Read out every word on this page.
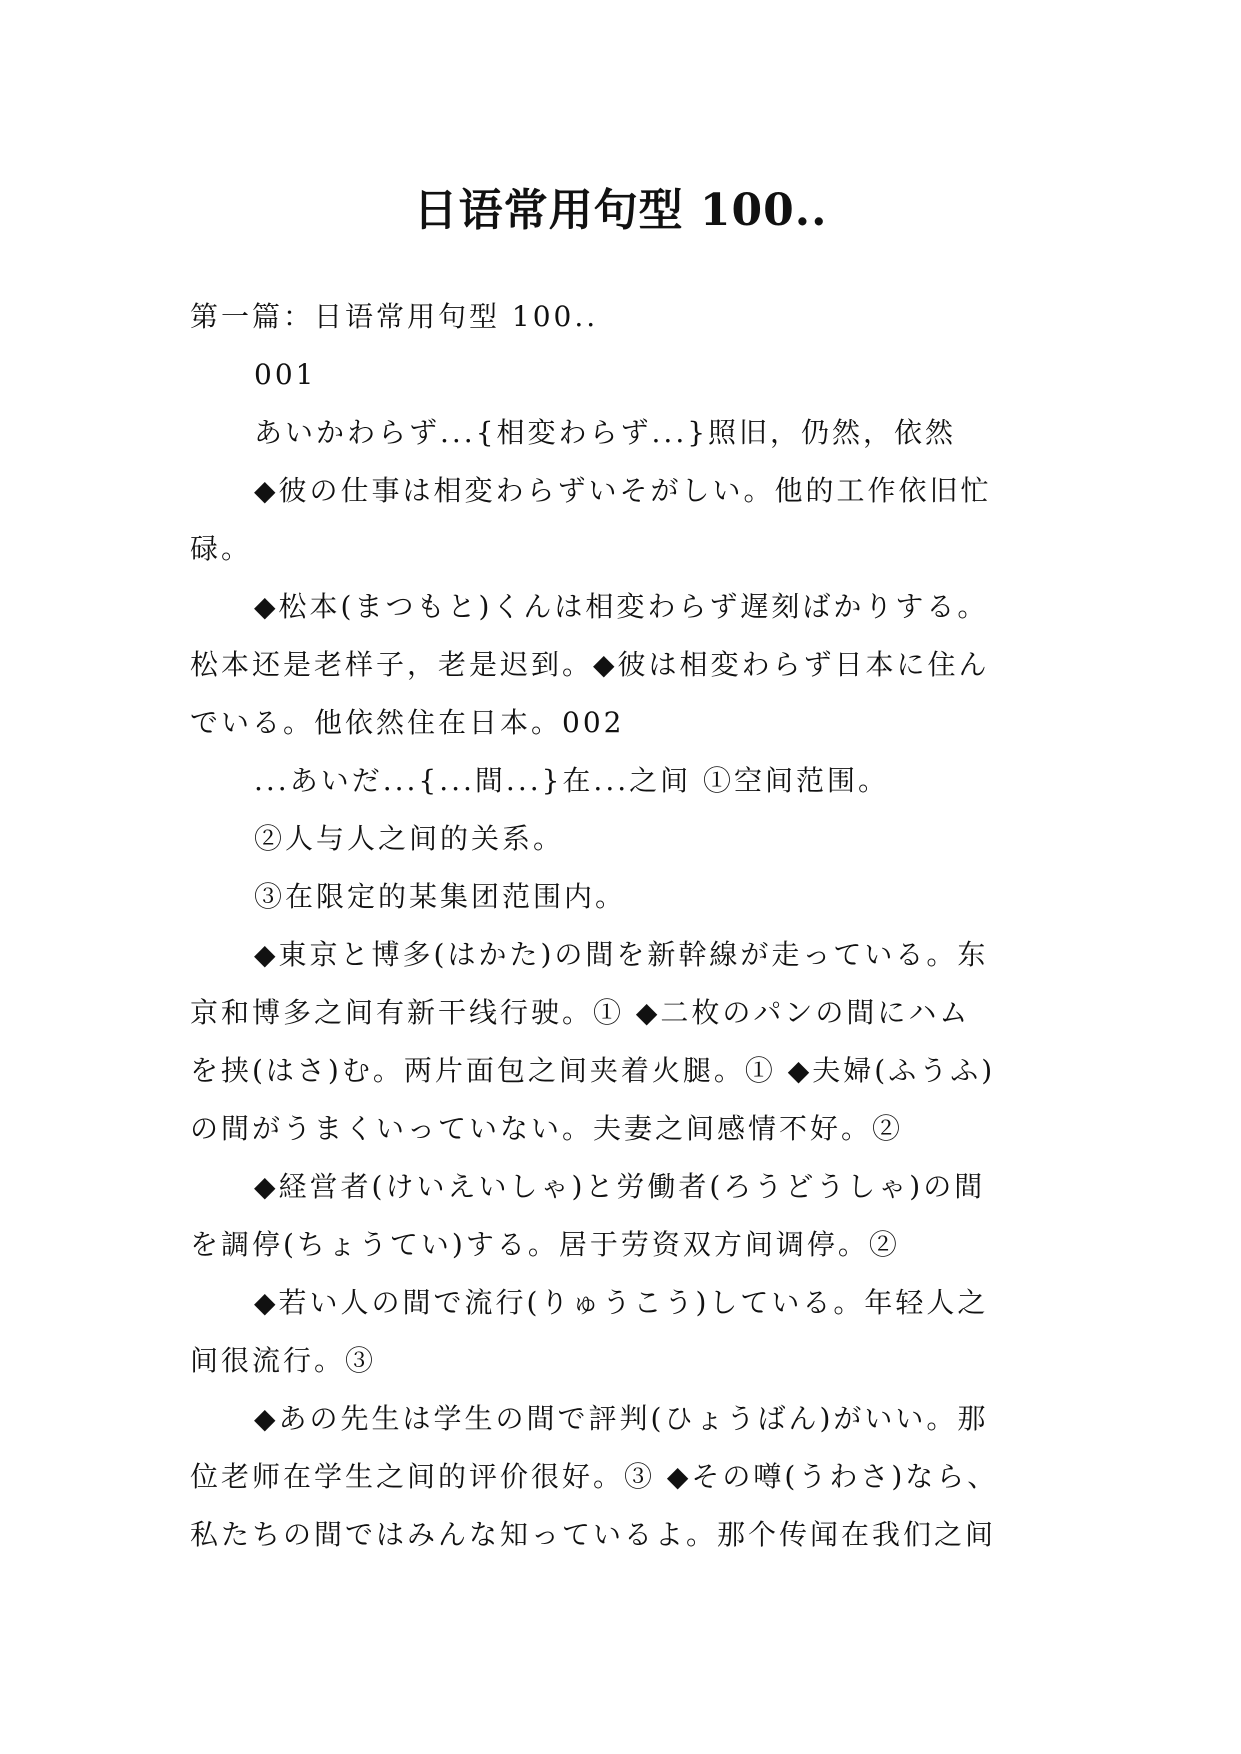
日语常用句型 100..

第一篇：日语常用句型 100..

001

あいかわらず...{相変わらず...}照旧，仍然，依然

◆彼の仕事は相変わらずいそがしい。他的工作依旧忙

碌。

◆松本(まつもと)くんは相変わらず遅刻ばかりする。

松本还是老样子，老是迟到。◆彼は相変わらず日本に住ん

でいる。他依然住在日本。002

...あいだ...{...間...}在...之间 ①空间范围。

②人与人之间的关系。

③在限定的某集团范围内。

◆東京と博多(はかた)の間を新幹線が走っている。东

京和博多之间有新干线行驶。① ◆二枚のパンの間にハム

を挟(はさ)む。两片面包之间夹着火腿。① ◆夫婦(ふうふ)

の間がうまくいっていない。夫妻之间感情不好。②

◆経営者(けいえいしゃ)と労働者(ろうどうしゃ)の間

を調停(ちょうてい)する。居于劳资双方间调停。②

◆若い人の間で流行(りゅうこう)している。年轻人之

间很流行。③

◆あの先生は学生の間で評判(ひょうばん)がいい。那

位老师在学生之间的评价很好。③ ◆その噂(うわさ)なら、

私たちの間ではみんな知っているよ。那个传闻在我们之间
